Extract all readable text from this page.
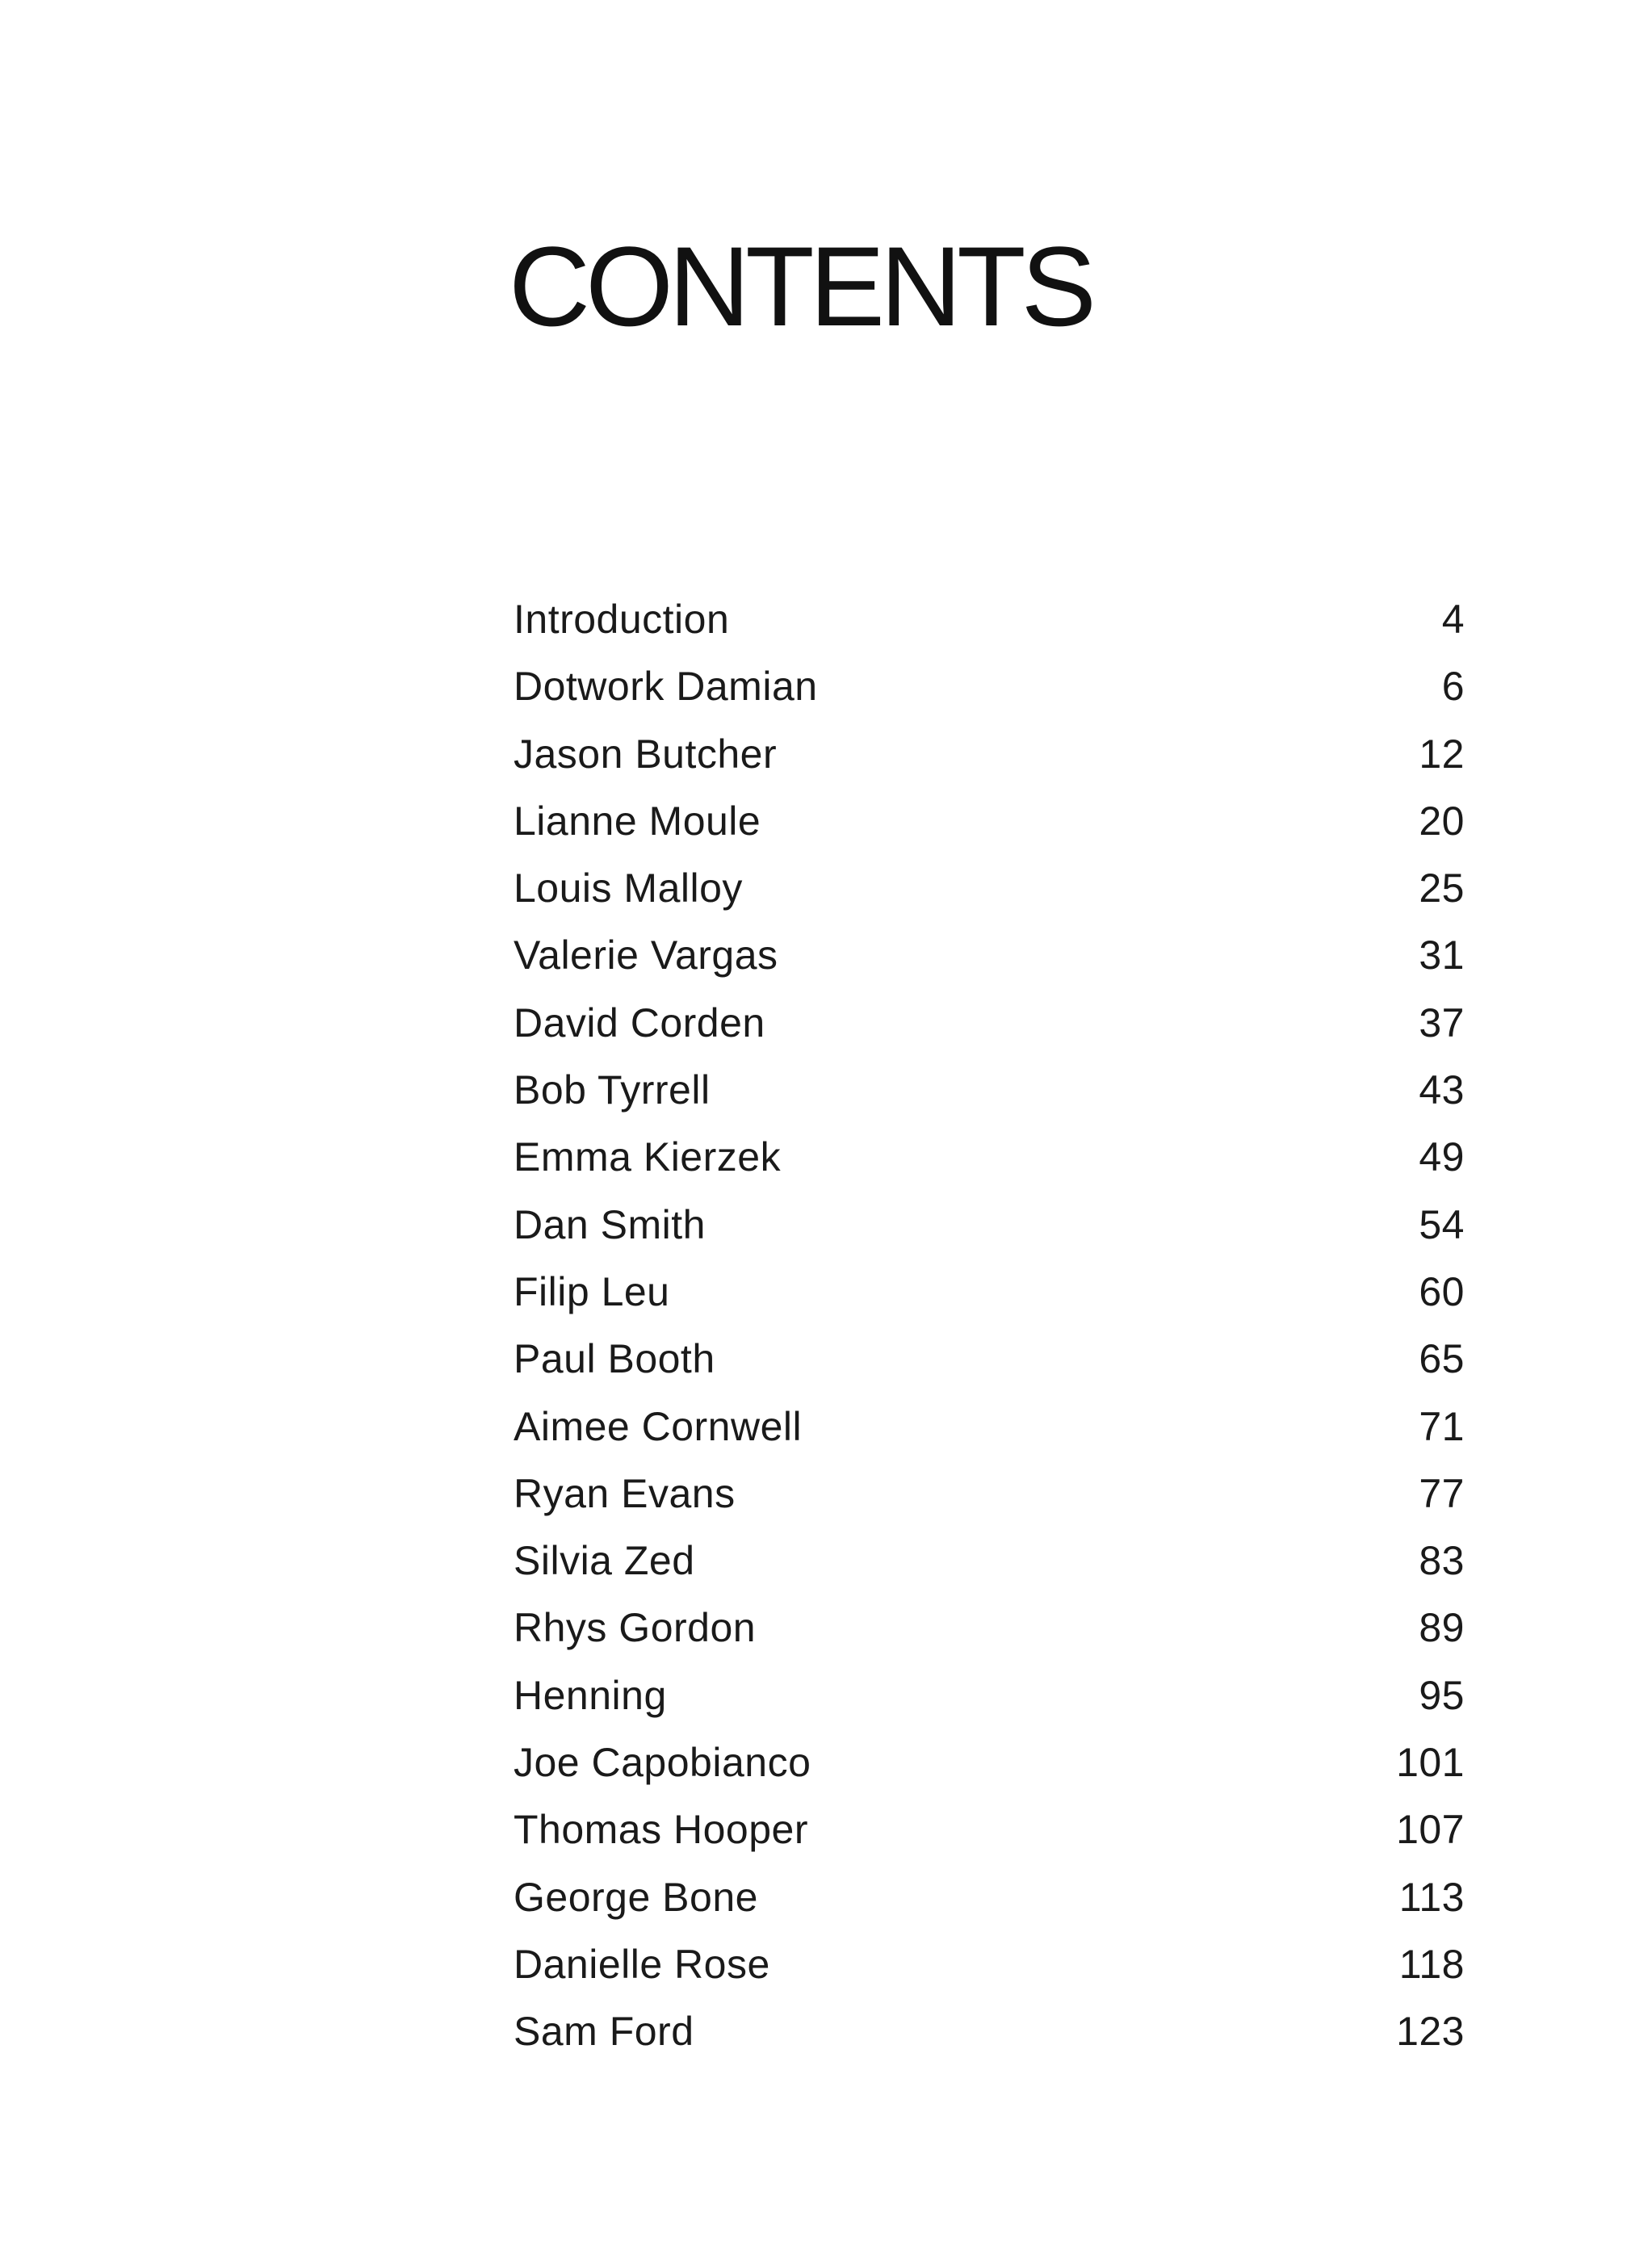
CONTENTS
Introduction	4
Dotwork Damian	6
Jason Butcher	12
Lianne Moule	20
Louis Malloy	25
Valerie Vargas	31
David Corden	37
Bob Tyrrell	43
Emma Kierzek	49
Dan Smith	54
Filip Leu	60
Paul Booth	65
Aimee Cornwell	71
Ryan Evans	77
Silvia Zed	83
Rhys Gordon	89
Henning	95
Joe Capobianco	101
Thomas Hooper	107
George Bone	113
Danielle Rose	118
Sam Ford	123
